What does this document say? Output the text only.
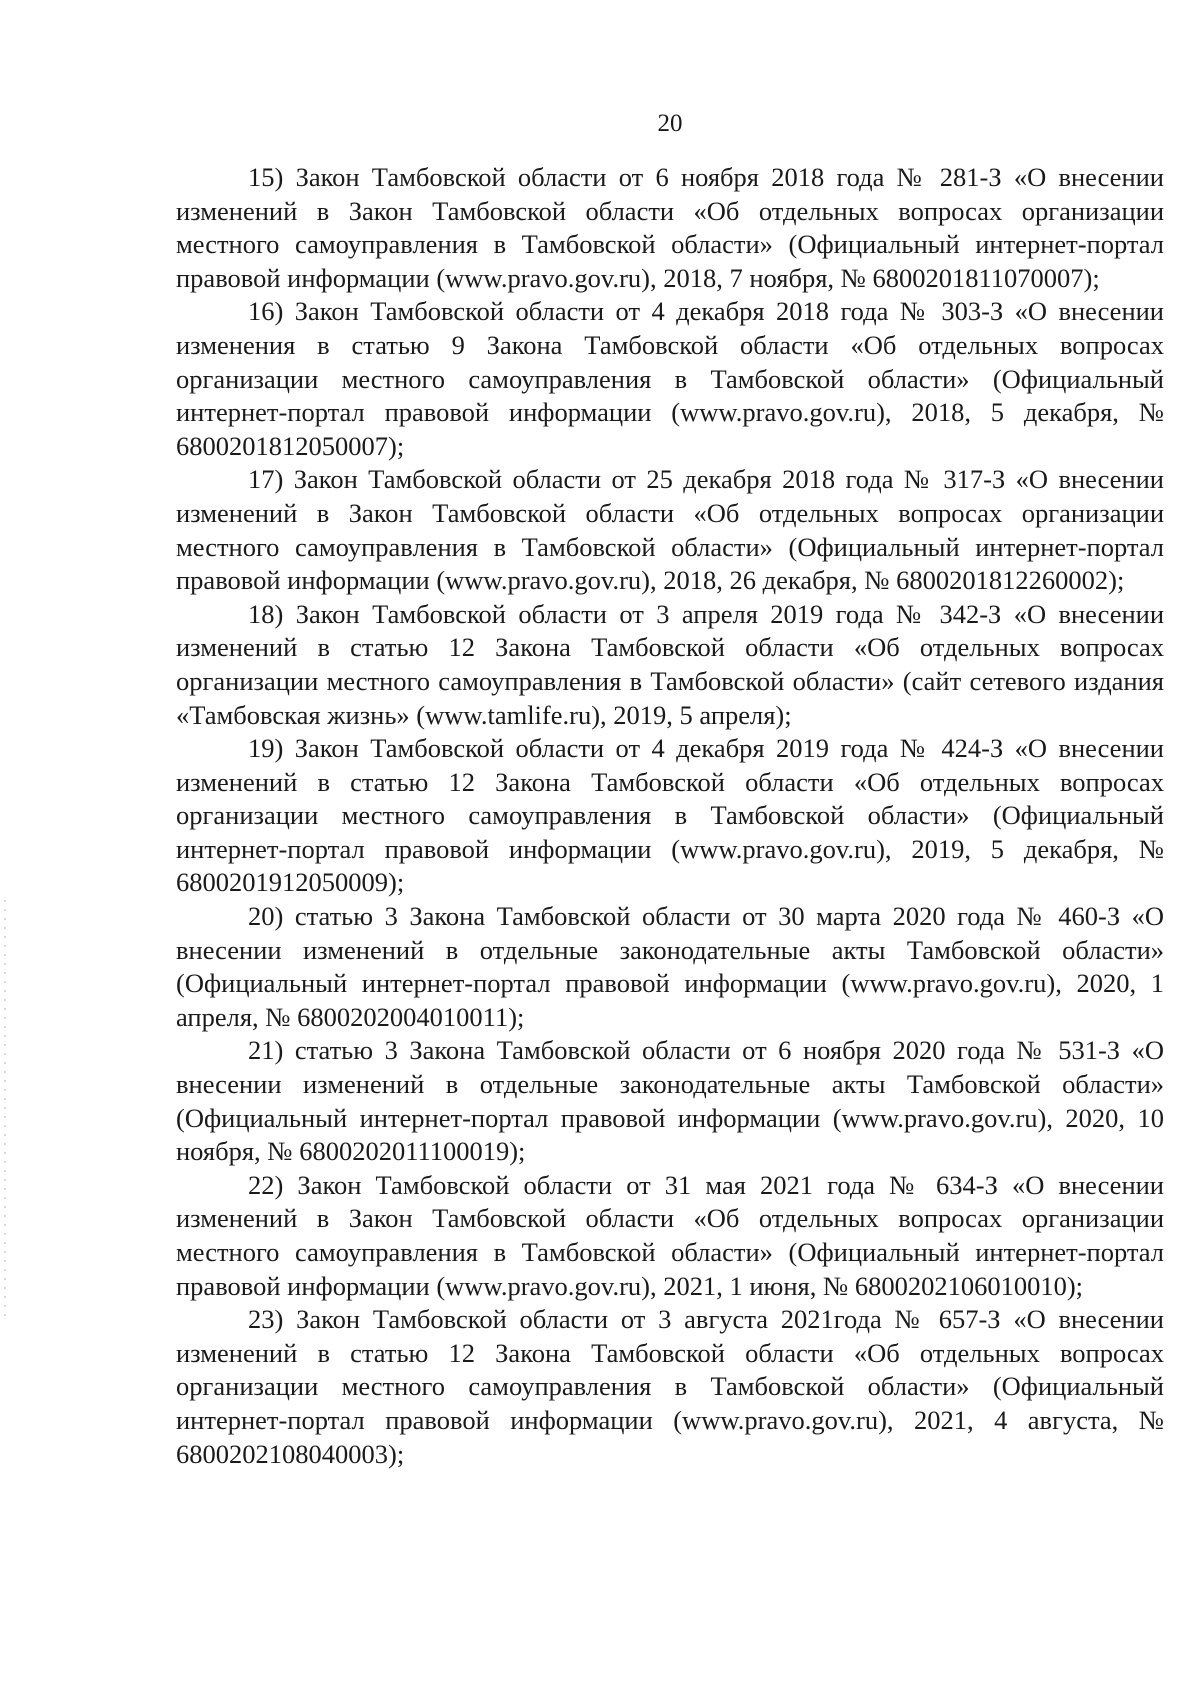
20

15) Закон Тамбовской области от 6 ноября 2018 года № 281-З «О внесении изменений в Закон Тамбовской области «Об отдельных вопросах организации местного самоуправления в Тамбовской области» (Официальный интернет-портал правовой информации (www.pravo.gov.ru), 2018, 7 ноября, № 6800201811070007);

16) Закон Тамбовской области от 4 декабря 2018 года № 303-З «О внесении изменения в статью 9 Закона Тамбовской области «Об отдельных вопросах организации местного самоуправления в Тамбовской области» (Официальный интернет-портал правовой информации (www.pravo.gov.ru), 2018, 5 декабря, № 6800201812050007);

17) Закон Тамбовской области от 25 декабря 2018 года № 317-З «О внесении изменений в Закон Тамбовской области «Об отдельных вопросах организации местного самоуправления в Тамбовской области» (Официальный интернет-портал правовой информации (www.pravo.gov.ru), 2018, 26 декабря, № 6800201812260002);

18) Закон Тамбовской области от 3 апреля 2019 года № 342-З «О внесении изменений в статью 12 Закона Тамбовской области «Об отдельных вопросах организации местного самоуправления в Тамбовской области» (сайт сетевого издания «Тамбовская жизнь» (www.tamlife.ru), 2019, 5 апреля);

19) Закон Тамбовской области от 4 декабря 2019 года № 424-З «О внесении изменений в статью 12 Закона Тамбовской области «Об отдельных вопросах организации местного самоуправления в Тамбовской области» (Официальный интернет-портал правовой информации (www.pravo.gov.ru), 2019, 5 декабря, № 6800201912050009);

20) статью 3 Закона Тамбовской области от 30 марта 2020 года № 460-З «О внесении изменений в отдельные законодательные акты Тамбовской области» (Официальный интернет-портал правовой информации (www.pravo.gov.ru), 2020, 1 апреля, № 6800202004010011);

21) статью 3 Закона Тамбовской области от 6 ноября 2020 года № 531-З «О внесении изменений в отдельные законодательные акты Тамбовской области» (Официальный интернет-портал правовой информации (www.pravo.gov.ru), 2020, 10 ноября, № 6800202011100019);

22) Закон Тамбовской области от 31 мая 2021 года № 634-З «О внесении изменений в Закон Тамбовской области «Об отдельных вопросах организации местного самоуправления в Тамбовской области» (Официальный интернет-портал правовой информации (www.pravo.gov.ru), 2021, 1 июня, № 6800202106010010);

23) Закон Тамбовской области от 3 августа 2021года № 657-З «О внесении изменений в статью 12 Закона Тамбовской области «Об отдельных вопросах организации местного самоуправления в Тамбовской области» (Официальный интернет-портал правовой информации (www.pravo.gov.ru), 2021, 4 августа, № 6800202108040003);
